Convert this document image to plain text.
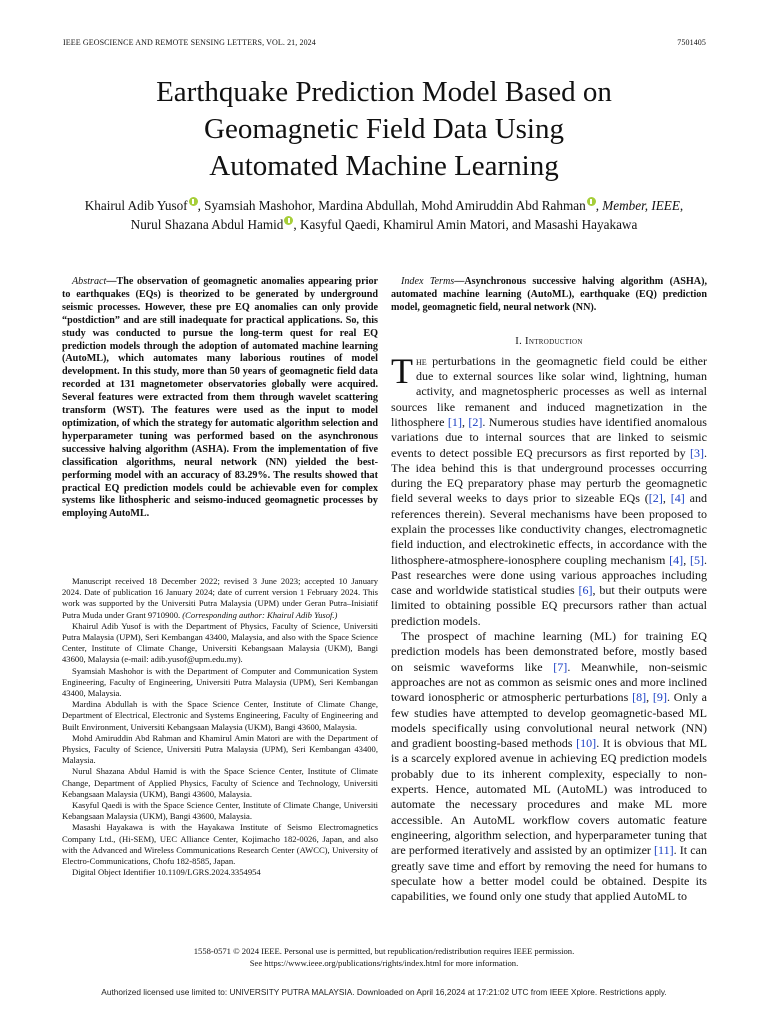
IEEE GEOSCIENCE AND REMOTE SENSING LETTERS, VOL. 21, 2024	7501405
Earthquake Prediction Model Based on
Geomagnetic Field Data Using
Automated Machine Learning
Khairul Adib Yusof , Syamsiah Mashohor, Mardina Abdullah, Mohd Amiruddin Abd Rahman , Member, IEEE,
Nurul Shazana Abdul Hamid , Kasyful Qaedi, Khamirul Amin Matori, and Masashi Hayakawa

Abstract—The observation of geomagnetic anomalies appearing prior to earthquakes (EQs) is theorized to be generated by underground seismic processes. However, these pre EQ anomalies can only provide “postdiction” and are still inadequate for practical applications. So, this study was conducted to pursue the long-term quest for real EQ prediction models through the adoption of automated machine learning (AutoML), which automates many laborious routines of model development. In this study, more than 50 years of geomagnetic field data recorded at 131 magnetometer observatories globally were acquired. Several features were extracted from them through wavelet scattering transform (WST). The features were used as the input to model optimization, of which the strategy for automatic algorithm selection and hyperparameter tuning was performed based on the asynchronous successive halving algorithm (ASHA). From the implementation of five classification algorithms, neural network (NN) yielded the best-performing model with an accuracy of 83.29%. The results showed that practical EQ prediction models could be achievable even for complex systems like lithospheric and seismo-induced geomagnetic processes by employing AutoML.

Manuscript received 18 December 2022; revised 3 June 2023; accepted 10 January 2024. Date of publication 16 January 2024; date of current version 1 February 2024. This work was supported by the Universiti Putra Malaysia (UPM) under Geran Putra–Inisiatif Putra Muda under Grant 9710900. (Corresponding author: Khairul Adib Yusof.)

Khairul Adib Yusof is with the Department of Physics, Faculty of Science, Universiti Putra Malaysia (UPM), Seri Kembangan 43400, Malaysia, and also with the Space Science Center, Institute of Climate Change, Universiti Kebangsaan Malaysia (UKM), Bangi 43600, Malaysia (e-mail: adib.yusof@upm.edu.my).

Syamsiah Mashohor is with the Department of Computer and Communication System Engineering, Faculty of Engineering, Universiti Putra Malaysia (UPM), Seri Kembangan 43400, Malaysia.

Mardina Abdullah is with the Space Science Center, Institute of Climate Change, Department of Electrical, Electronic and Systems Engineering, Faculty of Engineering and Built Environment, Universiti Kebangsaan Malaysia (UKM), Bangi 43600, Malaysia.

Mohd Amiruddin Abd Rahman and Khamirul Amin Matori are with the Department of Physics, Faculty of Science, Universiti Putra Malaysia (UPM), Seri Kembangan 43400, Malaysia.

Nurul Shazana Abdul Hamid is with the Space Science Center, Institute of Climate Change, Department of Applied Physics, Faculty of Science and Technology, Universiti Kebangsaan Malaysia (UKM), Bangi 43600, Malaysia.

Kasyful Qaedi is with the Space Science Center, Institute of Climate Change, Universiti Kebangsaan Malaysia (UKM), Bangi 43600, Malaysia.

Masashi Hayakawa is with the Hayakawa Institute of Seismo Electromagnetics Company Ltd., (Hi-SEM), UEC Alliance Center, Kojimacho 182-0026, Japan, and also with the Advanced and Wireless Communications Research Center (AWCC), University of Electro-Communications, Chofu 182-8585, Japan.

Digital Object Identifier 10.1109/LGRS.2024.3354954

Index Terms—Asynchronous successive halving algorithm (ASHA), automated machine learning (AutoML), earthquake (EQ) prediction model, geomagnetic field, neural network (NN).

I. Introduction

The perturbations in the geomagnetic field could be either due to external sources like solar wind, lightning, human activity, and magnetospheric processes as well as internal sources like remanent and induced magnetization in the lithosphere [1], [2]. Numerous studies have identified anomalous variations due to internal sources that are linked to seismic events to detect possible EQ precursors as first reported by [3]. The idea behind this is that underground processes occurring during the EQ preparatory phase may perturb the geomagnetic field several weeks to days prior to sizeable EQs ([2], [4] and references therein). Several mechanisms have been proposed to explain the processes like conductivity changes, electromagnetic field induction, and electrokinetic effects, in accordance with the lithosphere-atmosphere-ionosphere coupling mechanism [4], [5]. Past researches were done using various approaches including case and worldwide statistical studies [6], but their outputs were limited to obtaining possible EQ precursors rather than actual prediction models.

The prospect of machine learning (ML) for training EQ prediction models has been demonstrated before, mostly based on seismic waveforms like [7]. Meanwhile, non-seismic approaches are not as common as seismic ones and more inclined toward ionospheric or atmospheric perturbations [8], [9]. Only a few studies have attempted to develop geomagnetic-based ML models specifically using convolutional neural network (NN) and gradient boosting-based methods [10]. It is obvious that ML is a scarcely explored avenue in achieving EQ prediction models probably due to its inherent complexity, especially to non-experts. Hence, automated ML (AutoML) was introduced to automate the necessary procedures and make ML more accessible. An AutoML workflow covers automatic feature engineering, algorithm selection, and hyperparameter tuning that are performed iteratively and assisted by an optimizer [11]. It can greatly save time and effort by removing the need for humans to speculate how a better model could be obtained. Despite its capabilities, we found only one study that applied AutoML to

1558-0571 © 2024 IEEE. Personal use is permitted, but republication/redistribution requires IEEE permission.
See https://www.ieee.org/publications/rights/index.html for more information.
Authorized licensed use limited to: UNIVERSITY PUTRA MALAYSIA. Downloaded on April 16,2024 at 17:21:02 UTC from IEEE Xplore. Restrictions apply.
